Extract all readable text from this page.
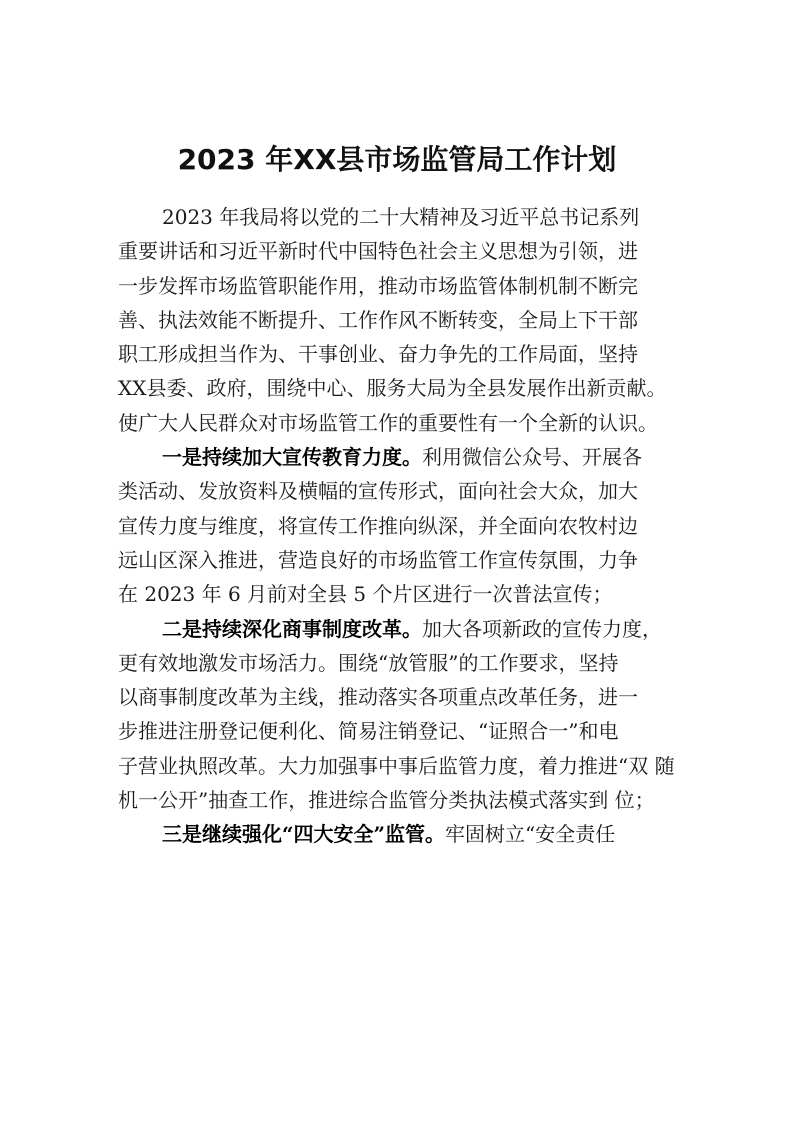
2023 年XX县市场监管局工作计划
2023 年我局将以党的二十大精神及习近平总书记系列
重要讲话和习近平新时代中国特色社会主义思想为引领，进
一步发挥市场监管职能作用，推动市场监管体制机制不断完
善、执法效能不断提升、工作作风不断转变，全局上下干部
职工形成担当作为、干事创业、奋力争先的工作局面，坚持
XX县委、政府，围绕中心、服务大局为全县发展作出新贡献。
使广大人民群众对市场监管工作的重要性有一个全新的认识。
一是持续加大宣传教育力度。利用微信公众号、开展各
类活动、发放资料及横幅的宣传形式，面向社会大众，加大
宣传力度与维度，将宣传工作推向纵深，并全面向农牧村边
远山区深入推进，营造良好的市场监管工作宣传氛围，力争
在 2023 年 6 月前对全县 5 个片区进行一次普法宣传；
二是持续深化商事制度改革。加大各项新政的宣传力度，
更有效地激发市场活力。围绕“放管服”的工作要求，坚持
以商事制度改革为主线，推动落实各项重点改革任务，进一
步推进注册登记便利化、简易注销登记、“证照合一”和电
子营业执照改革。大力加强事中事后监管力度，着力推进“双 随
机一公开”抽查工作，推进综合监管分类执法模式落实到 位；
三是继续强化“四大安全”监管。牢固树立“安全责任
